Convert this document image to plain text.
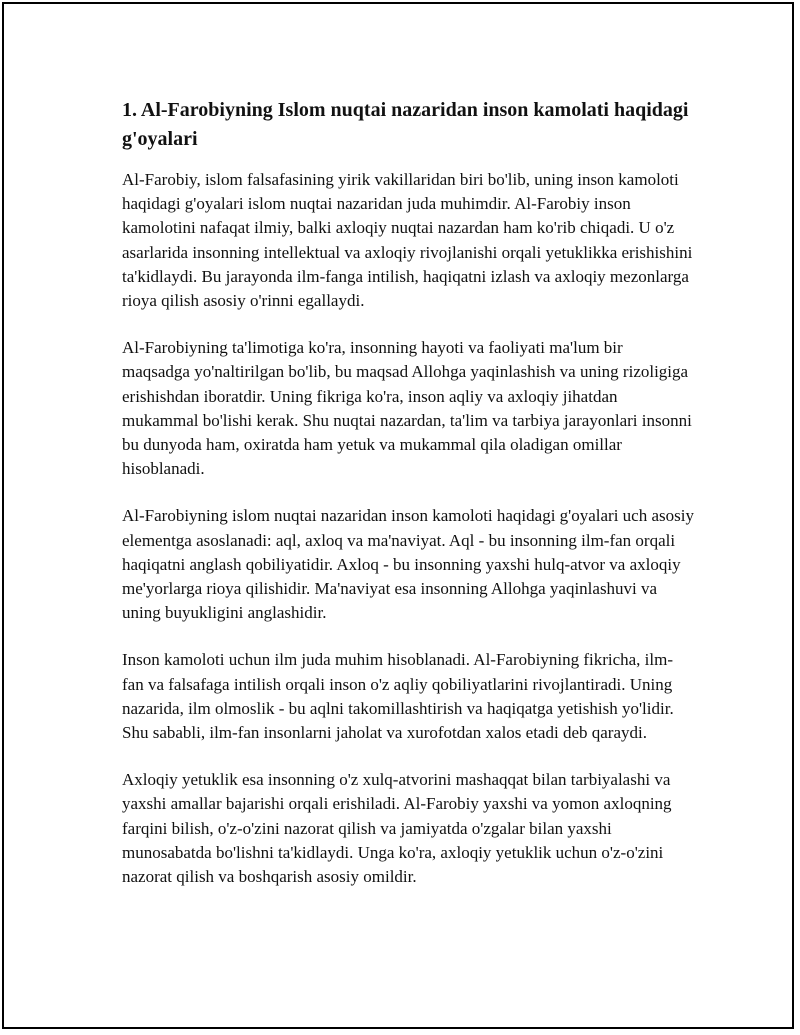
1. Al-Farobiyning Islom nuqtai nazaridan inson kamolati haqidagi g'oyalari

Al-Farobiy, islom falsafasining yirik vakillaridan biri bo'lib, uning inson kamoloti haqidagi g'oyalari islom nuqtai nazaridan juda muhimdir. Al-Farobiy inson kamolotini nafaqat ilmiy, balki axloqiy nuqtai nazardan ham ko'rib chiqadi. U o'z asarlarida insonning intellektual va axloqiy rivojlanishi orqali yetuklikka erishishini ta'kidlaydi. Bu jarayonda ilm-fanga intilish, haqiqatni izlash va axloqiy mezonlarga rioya qilish asosiy o'rinni egallaydi.

Al-Farobiyning ta'limotiga ko'ra, insonning hayoti va faoliyati ma'lum bir maqsadga yo'naltirilgan bo'lib, bu maqsad Allohga yaqinlashish va uning rizoligiga erishishdan iboratdir. Uning fikriga ko'ra, inson aqliy va axloqiy jihatdan mukammal bo'lishi kerak. Shu nuqtai nazardan, ta'lim va tarbiya jarayonlari insonni bu dunyoda ham, oxiratda ham yetuk va mukammal qila oladigan omillar hisoblanadi.

Al-Farobiyning islom nuqtai nazaridan inson kamoloti haqidagi g'oyalari uch asosiy elementga asoslanadi: aql, axloq va ma'naviyat. Aql - bu insonning ilm-fan orqali haqiqatni anglash qobiliyatidir. Axloq - bu insonning yaxshi hulq-atvor va axloqiy me'yorlarga rioya qilishidir. Ma'naviyat esa insonning Allohga yaqinlashuvi va uning buyukligini anglashidir.

Inson kamoloti uchun ilm juda muhim hisoblanadi. Al-Farobiyning fikricha, ilm-fan va falsafaga intilish orqali inson o'z aqliy qobiliyatlarini rivojlantiradi. Uning nazarida, ilm olmoslik - bu aqlni takomillashtirish va haqiqatga yetishish yo'lidir. Shu sababli, ilm-fan insonlarni jaholat va xurofotdan xalos etadi deb qaraydi.

Axloqiy yetuklik esa insonning o'z xulq-atvorini mashaqqat bilan tarbiyalashi va yaxshi amallar bajarishi orqali erishiladi. Al-Farobiy yaxshi va yomon axloqning farqini bilish, o'z-o'zini nazorat qilish va jamiyatda o'zgalar bilan yaxshi munosabatda bo'lishni ta'kidlaydi. Unga ko'ra, axloqiy yetuklik uchun o'z-o'zini nazorat qilish va boshqarish asosiy omildir.
